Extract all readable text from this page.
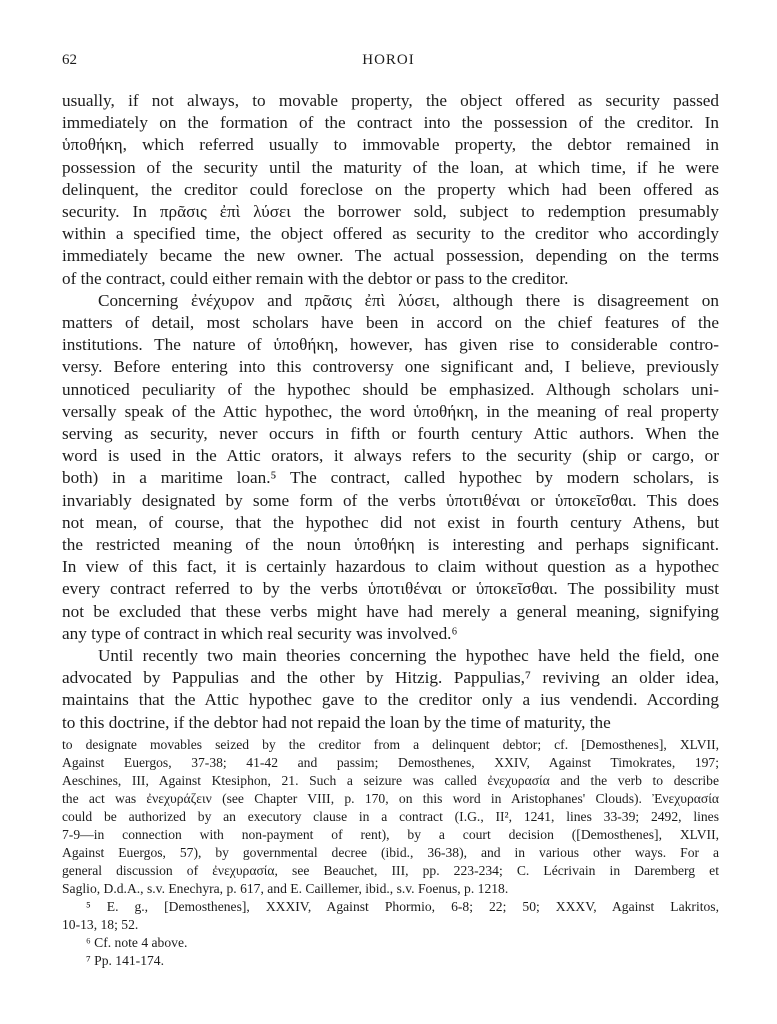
62	HOROI

usually, if not always, to movable property, the object offered as security passed

immediately on the formation of the contract into the possession of the creditor. In

ὑποθήκη, which referred usually to immovable property, the debtor remained in

possession of the security until the maturity of the loan, at which time, if he were

delinquent, the creditor could foreclose on the property which had been offered as

security. In πρᾶσις ἐπὶ λύσει the borrower sold, subject to redemption presumably

within a specified time, the object offered as security to the creditor who accordingly

immediately became the new owner. The actual possession, depending on the terms

of the contract, could either remain with the debtor or pass to the creditor.

Concerning ἐνέχυρον and πρᾶσις ἐπὶ λύσει, although there is disagreement on

matters of detail, most scholars have been in accord on the chief features of the

institutions. The nature of ὑποθήκη, however, has given rise to considerable contro-

versy. Before entering into this controversy one significant and, I believe, previously

unnoticed peculiarity of the hypothec should be emphasized. Although scholars uni-

versally speak of the Attic hypothec, the word ὑποθήκη, in the meaning of real property

serving as security, never occurs in fifth or fourth century Attic authors. When the

word is used in the Attic orators, it always refers to the security (ship or cargo, or

both) in a maritime loan.⁵ The contract, called hypothec by modern scholars, is

invariably designated by some form of the verbs ὑποτιθέναι or ὑποκεῖσθαι. This does

not mean, of course, that the hypothec did not exist in fourth century Athens, but

the restricted meaning of the noun ὑποθήκη is interesting and perhaps significant.

In view of this fact, it is certainly hazardous to claim without question as a hypothec

every contract referred to by the verbs ὑποτιθέναι or ὑποκεῖσθαι. The possibility must

not be excluded that these verbs might have had merely a general meaning, signifying

any type of contract in which real security was involved.⁶

Until recently two main theories concerning the hypothec have held the field, one

advocated by Pappulias and the other by Hitzig. Pappulias,⁷ reviving an older idea,

maintains that the Attic hypothec gave to the creditor only a ius vendendi. According

to this doctrine, if the debtor had not repaid the loan by the time of maturity, the

to designate movables seized by the creditor from a delinquent debtor; cf. [Demosthenes], XLVII,

Against Euergos, 37-38; 41-42 and passim; Demosthenes, XXIV, Against Timokrates, 197;

Aeschines, III, Against Ktesiphon, 21. Such a seizure was called ἐνεχυρασία and the verb to describe

the act was ἐνεχυράζειν (see Chapter VIII, p. 170, on this word in Aristophanes' Clouds). Ἐνεχυρασία

could be authorized by an executory clause in a contract (I.G., II², 1241, lines 33-39; 2492, lines

7-9—in connection with non-payment of rent), by a court decision ([Demosthenes], XLVII,

Against Euergos, 57), by governmental decree (ibid., 36-38), and in various other ways. For a

general discussion of ἐνεχυρασία, see Beauchet, III, pp. 223-234; C. Lécrivain in Daremberg et

Saglio, D.d.A., s.v. Enechyra, p. 617, and E. Caillemer, ibid., s.v. Foenus, p. 1218.

⁵ E. g., [Demosthenes], XXXIV, Against Phormio, 6-8; 22; 50; XXXV, Against Lakritos,

10-13, 18; 52.

⁶ Cf. note 4 above.

⁷ Pp. 141-174.
